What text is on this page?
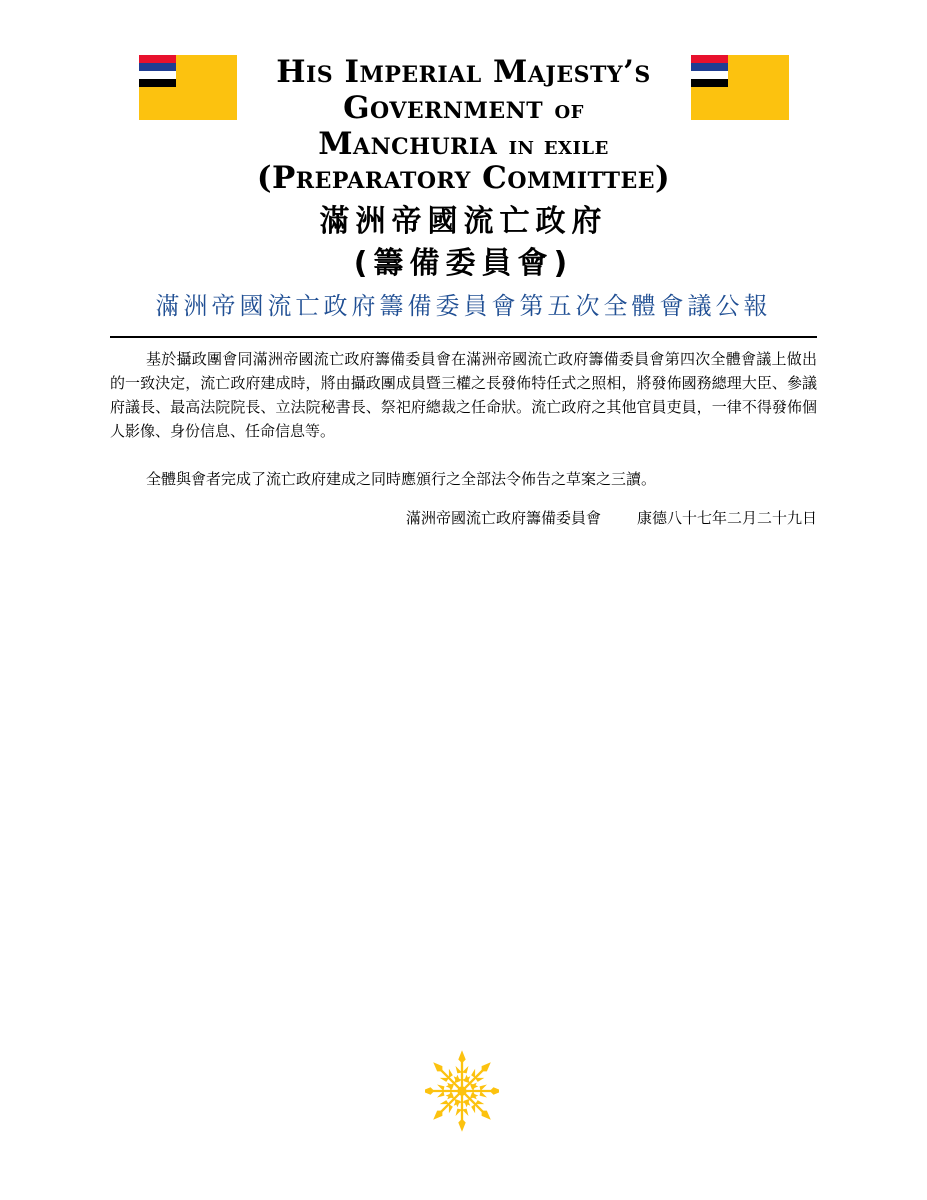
His Imperial Majesty’s
Government of
Manchuria in exile
(Preparatory Committee)
滿洲帝國流亡政府
(籌備委員會)
滿洲帝國流亡政府籌備委員會第五次全體會議公報
基於攝政團會同滿洲帝國流亡政府籌備委員會在滿洲帝國流亡政府籌備委員會第四次全體會議上做出的一致決定，流亡政府建成時，將由攝政團成員暨三權之長發佈特任式之照相，將發佈國務總理大臣、參議府議長、最高法院院長、立法院秘書長、祭祀府總裁之任命狀。流亡政府之其他官員吏員，一律不得發佈個人影像、身份信息、任命信息等。
全體與會者完成了流亡政府建成之同時應頒行之全部法令佈告之草案之三讀。
滿洲帝國流亡政府籌備委員會 康德八十七年二月二十九日
